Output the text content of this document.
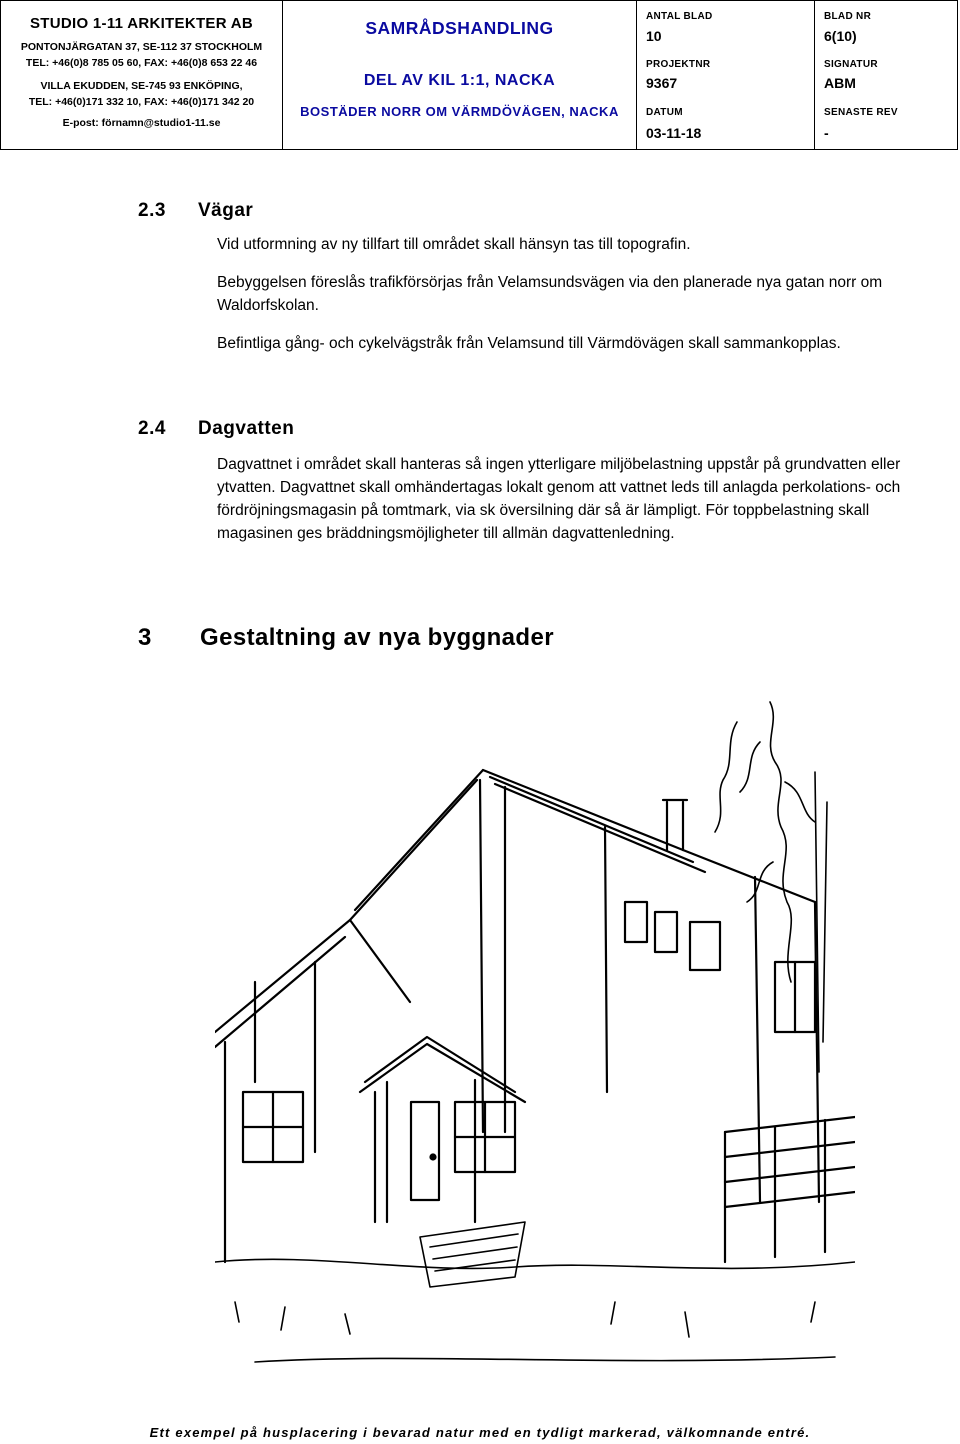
STUDIO 1-11 ARKITEKTER AB
PONTONJÄRGATAN 37, SE-112 37 STOCKHOLM
TEL: +46(0)8 785 05 60, FAX: +46(0)8 653 22 46
VILLA EKUDDEN, SE-745 93 ENKÖPING,
TEL: +46(0)171 332 10, FAX: +46(0)171 342 20
E-post: förnamn@studio1-11.se
SAMRÅDSHANDLING
DEL AV KIL 1:1, NACKA
BOSTÄDER NORR OM VÄRMDÖVÄGEN, NACKA
ANTAL BLAD
10
PROJEKTNR
9367
DATUM
03-11-18
BLAD NR
6(10)
SIGNATUR
ABM
SENASTE REV
-
2.3 Vägar

Vid utformning av ny tillfart till området skall hänsyn tas till topografin.

Bebyggelsen föreslås trafikförsörjas från Velamsundsvägen via den planerade nya gatan norr om Waldorfskolan.

Befintliga gång- och cykelvägstråk från Velamsund till Värmdövägen skall sammankopplas.

2.4 Dagvatten

Dagvattnet i området skall hanteras så ingen ytterligare miljöbelastning uppstår på grundvatten eller ytvatten. Dagvattnet skall omhändertagas lokalt genom att vattnet leds till anlagda perkolations- och fördröjningsmagasin på tomtmark, via sk översilning där så är lämpligt. För toppbelastning skall magasinen ges bräddningsmöjligheter till allmän dagvattenledning.

3 Gestaltning av nya byggnader
Ett exempel på husplacering i bevarad natur med en tydligt markerad, välkomnande entré.
